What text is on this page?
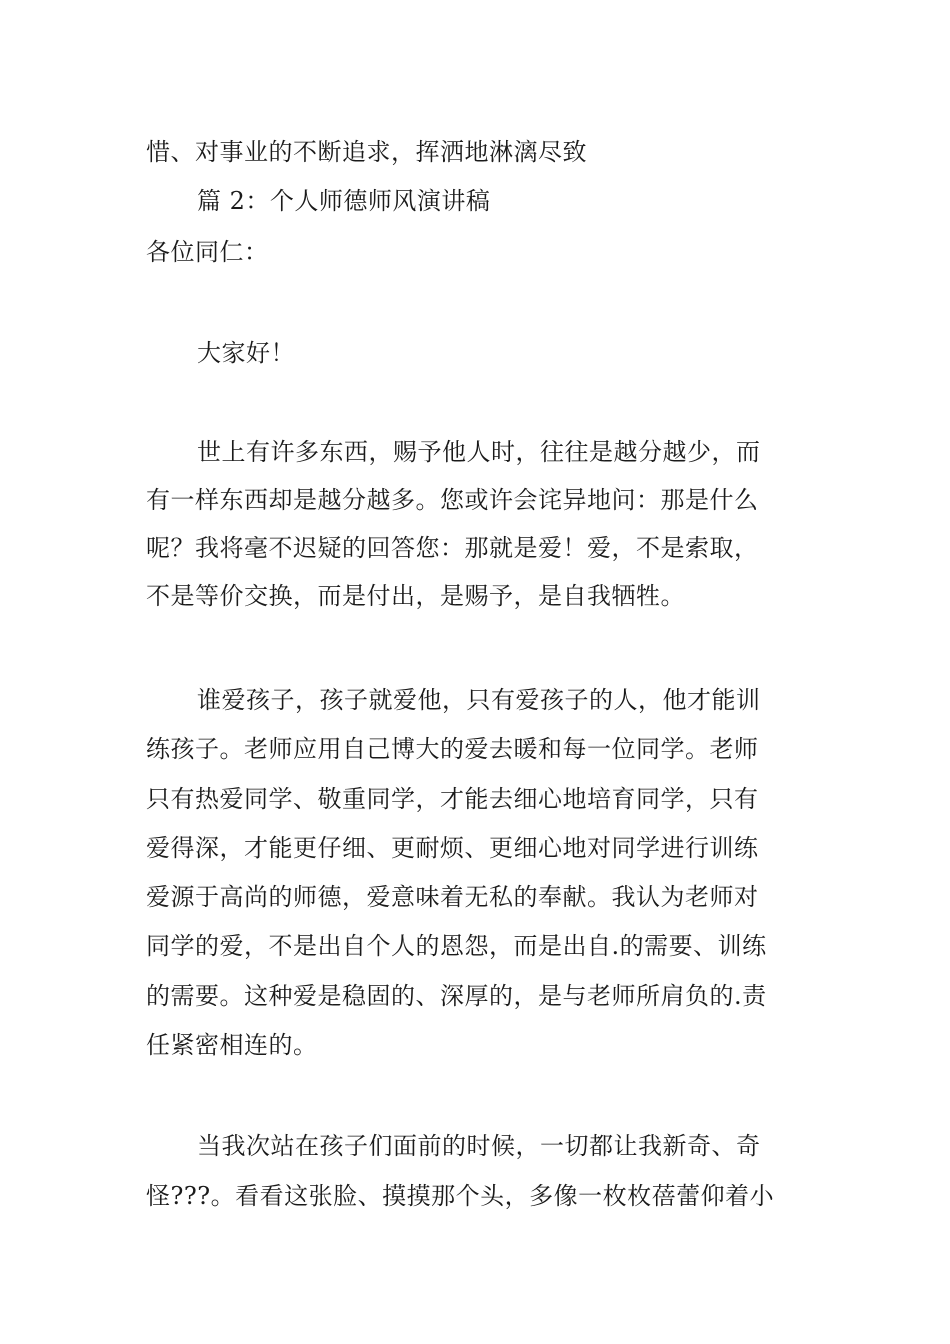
惜、对事业的不断追求，挥洒地淋漓尽致
篇 2：个人师德师风演讲稿
各位同仁：
大家好！
世上有许多东西，赐予他人时，往往是越分越少，而
有一样东西却是越分越多。您或许会诧异地问：那是什么
呢？我将毫不迟疑的回答您：那就是爱！爱，不是索取，
不是等价交换，而是付出，是赐予，是自我牺牲。
谁爱孩子，孩子就爱他，只有爱孩子的人，他才能训
练孩子。老师应用自己博大的爱去暖和每一位同学。老师
只有热爱同学、敬重同学，才能去细心地培育同学，只有
爱得深，才能更仔细、更耐烦、更细心地对同学进行训练
爱源于高尚的师德，爱意味着无私的奉献。我认为老师对
同学的爱，不是出自个人的恩怨，而是出自.的需要、训练
的需要。这种爱是稳固的、深厚的，是与老师所肩负的.责
任紧密相连的。
当我次站在孩子们面前的时候，一切都让我新奇、奇
怪???。看看这张脸、摸摸那个头，多像一枚枚蓓蕾仰着小
